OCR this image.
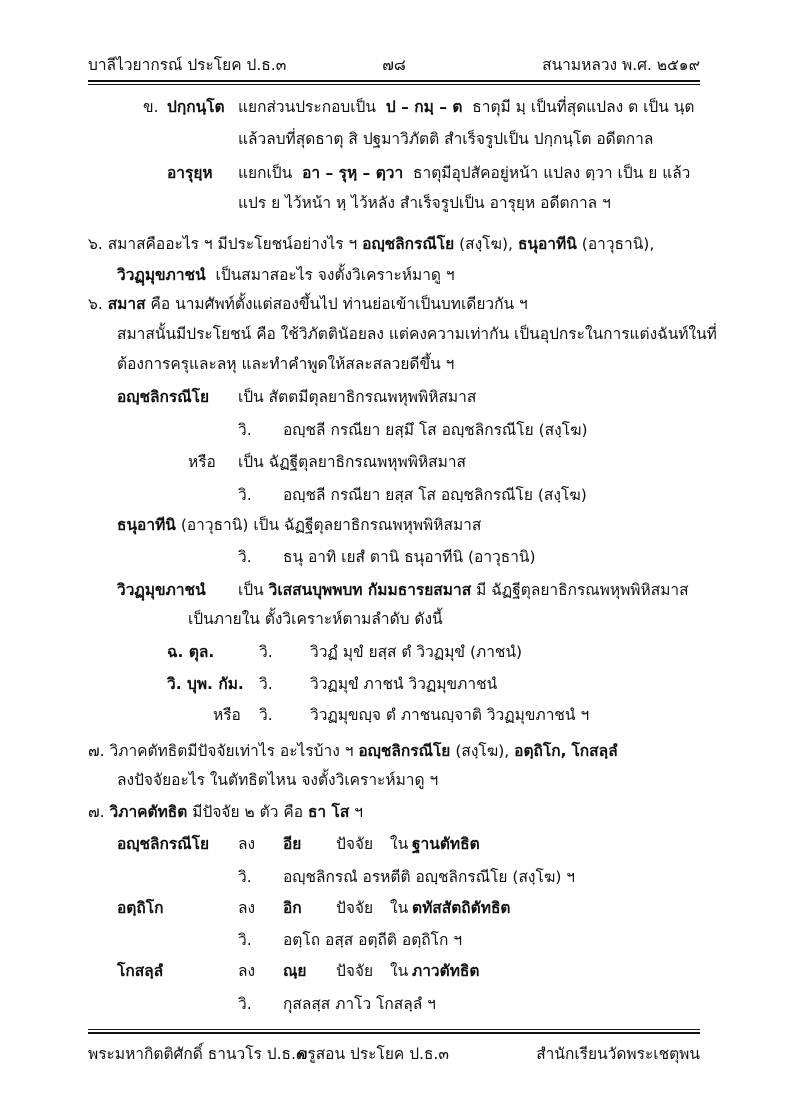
บาลีไวยากรณ์ ประโยค ป.ธ.๓	๗๘	สนามหลวง พ.ศ. ๒๕๑๙
ข. ปกฺกนฺโต แยกส่วนประกอบเป็น ป – กมฺ – ต ธาตุมี มฺ เป็นที่สุดแปลง ต เป็น นฺต
แล้วลบที่สุดธาตุ สิ ปฐมาวิภัตติ สำเร็จรูปเป็น ปกฺกนฺโต อดีตกาล
อารุยฺห แยกเป็น อา – รุหฺ – ตฺวา ธาตุมีอุปสัคอยู่หน้า แปลง ตฺวา เป็น ย แล้ว
แปร ย ไว้หน้า หฺ ไว้หลัง สำเร็จรูปเป็น อารุยฺห อดีตกาล ฯ
๖. สมาสคืออะไร ฯ มีประโยชน์อย่างไร ฯ อญฺชลิกรณีโย (สงฺโฆ), ธนุอาทีนิ (อาวุธานิ),
วิวฏฺมุขภาชนํ เป็นสมาสอะไร จงตั้งวิเคราะห์มาดู ฯ
๖. สมาส คือ นามศัพท์ตั้งแต่สองขึ้นไป ท่านย่อเข้าเป็นบทเดียวกัน ฯ
สมาสนั้นมีประโยชน์ คือ ใช้วิภัตตินัอยลง แต่คงความเท่ากัน เป็นอุปกระในการแต่งฉันท์ในที่
ต้องการครุและลหุ และทำคำพูดให้สละสลวยดีขึ้น ฯ
อญฺชลิกรณีโย เป็น สัตตมีตุลยาธิกรณพหุพพิหิสมาส
วิ. อญฺชลี กรณียา ยสฺมึ โส อญฺชลิกรณีโย (สงฺโฆ)
หรือ เป็น ฉัฏฐีตุลยาธิกรณพหุพพิหิสมาส
วิ. อญฺชลี กรณียา ยสฺส โส อญฺชลิกรณีโย (สงฺโฆ)
ธนุอาทีนิ (อาวุธานิ) เป็น ฉัฏฐีตุลยาธิกรณพหุพพิหิสมาส
วิ. ธนุ อาทิ เยสํ ตานิ ธนุอาทีนิ (อาวุธานิ)
วิวฏฺมุขภาชนํ เป็น วิเสสนบุพพบท กัมมธารยสมาส มี ฉัฏฐีตุลยาธิกรณพหุพพิหิสมาส
เป็นภายใน ตั้งวิเคราะห์ตามลำดับ ดังนี้
ฉ. ตุล.	วิ. วิวฏํ มุขํ ยสฺส ตํ วิวฏมุขํ (ภาชนํ)
วิ. บุพ. กัม. วิ. วิวฏมุขํ ภาชนํ วิวฏมุขภาชนํ
หรือ วิ. วิวฏมุขญฺจ ตํ ภาชนญฺจาติ วิวฏมุขภาชนํ ฯ
๗. วิภาคตัทธิตมีปัจจัยเท่าไร อะไรบ้าง ฯ อญฺชลิกรณีโย (สงฺโฆ), อตฺถิโก, โกสลฺลํ
ลงปัจจัยอะไร ในตัทธิตไหน จงตั้งวิเคราะห์มาดู ฯ
๗. วิภาคตัทธิต มีปัจจัย ๒ ตัว คือ ธา โส ฯ
อญฺชลิกรณีโย ลง อีย ปัจจัย ใน ฐานตัทธิต
วิ. อญฺชลิกรณํ อรหตีติ อญฺชลิกรณีโย (สงฺโฆ) ฯ
อตฺถิโก	ลง อิก ปัจจัย ใน ตทัสสัตถิตัทธิต
วิ. อตฺโถ อสฺส อตฺถีติ อตฺถิโก ฯ
โกสลฺลํ	ลง ณฺย ปัจจัย ใน ภาวตัทธิต
วิ. กุสลสฺส ภาโว โกสลฺลํ ฯ
พระมหากิตติศักดิ์ ธานวโร ป.ธ.๗
ครูสอน ประโยค ป.ธ.๓	สำนักเรียนวัดพระเชตุพน
